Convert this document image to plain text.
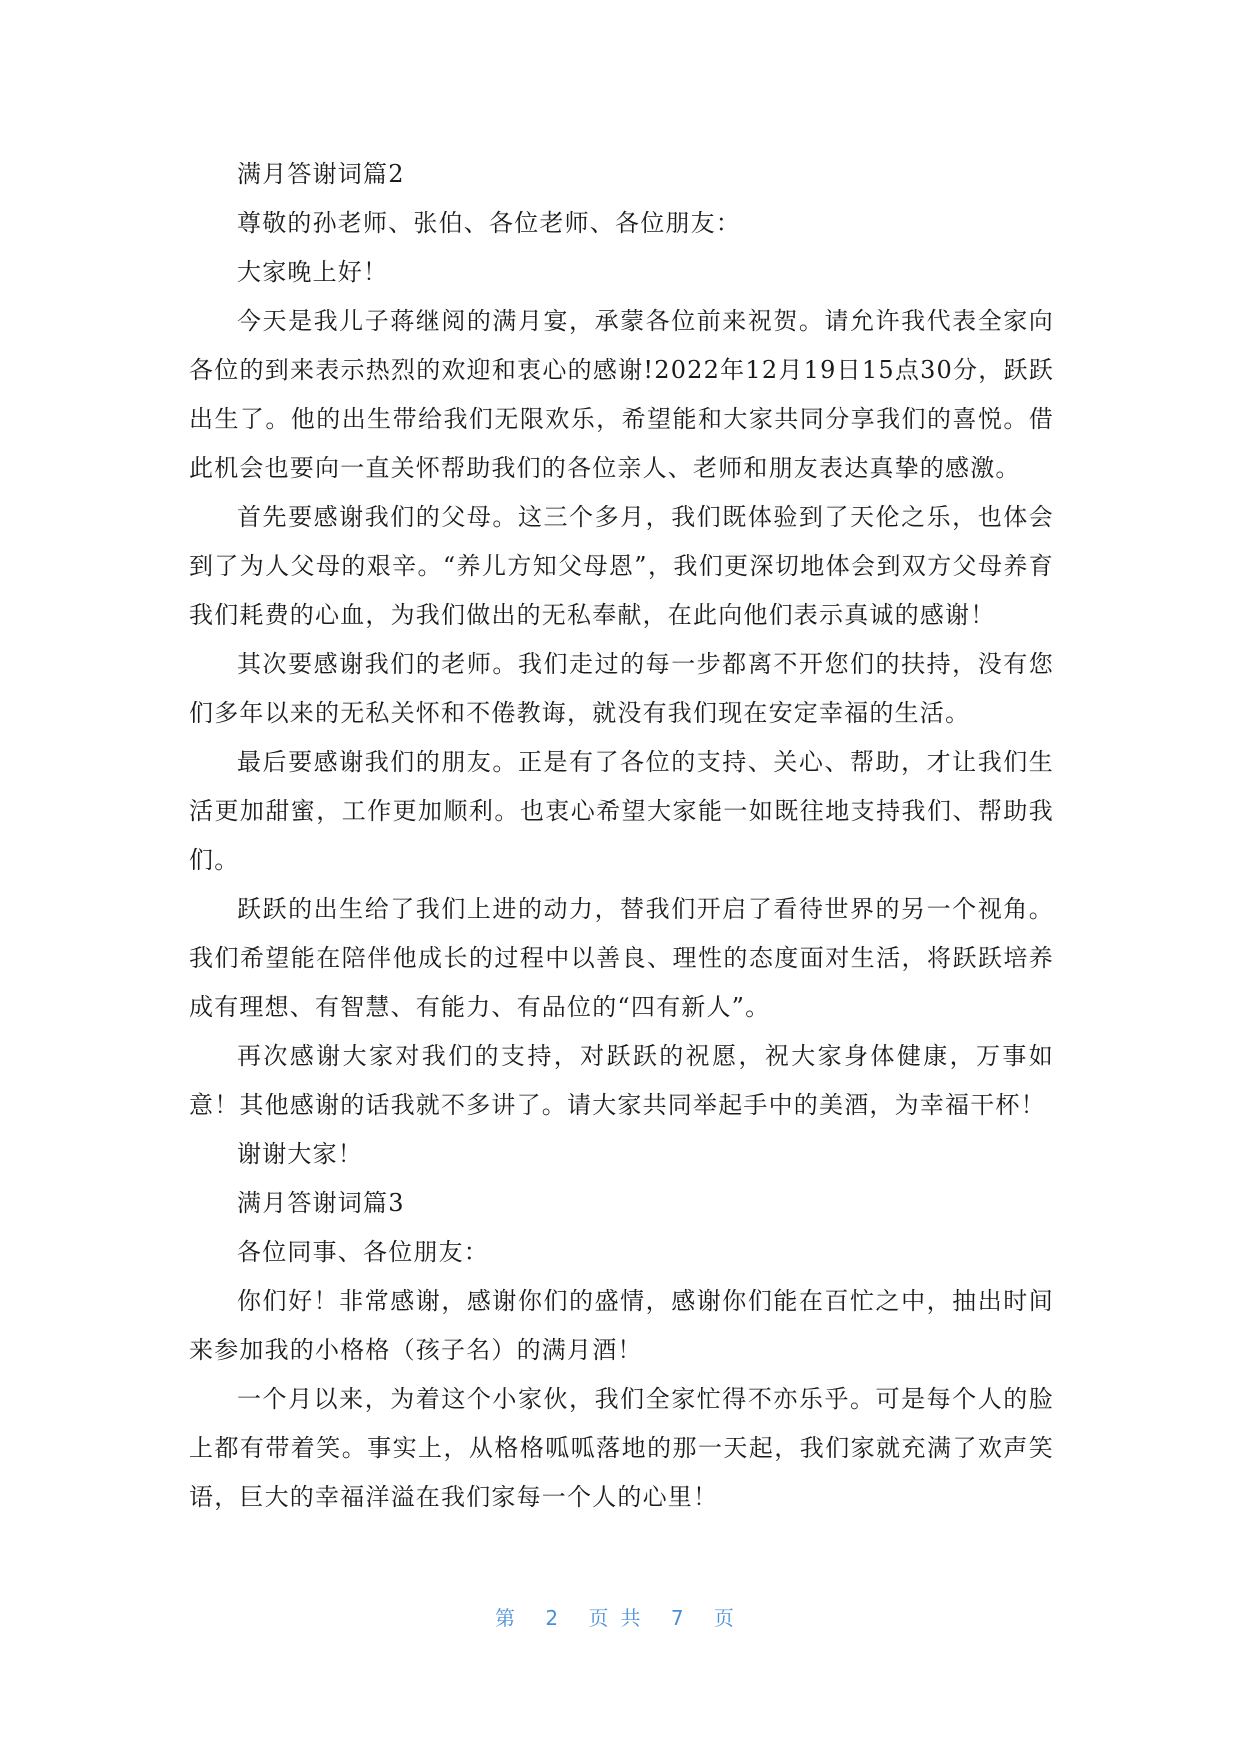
满月答谢词篇2

尊敬的孙老师、张伯、各位老师、各位朋友：

大家晚上好！

今天是我儿子蒋继阅的满月宴，承蒙各位前来祝贺。请允许我代表全家向各位的到来表示热烈的欢迎和衷心的感谢!2022年12月19日15点30分，跃跃出生了。他的出生带给我们无限欢乐，希望能和大家共同分享我们的喜悦。借此机会也要向一直关怀帮助我们的各位亲人、老师和朋友表达真挚的感激。

首先要感谢我们的父母。这三个多月，我们既体验到了天伦之乐，也体会到了为人父母的艰辛。“养儿方知父母恩”，我们更深切地体会到双方父母养育我们耗费的心血，为我们做出的无私奉献，在此向他们表示真诚的感谢！

其次要感谢我们的老师。我们走过的每一步都离不开您们的扶持，没有您们多年以来的无私关怀和不倦教诲，就没有我们现在安定幸福的生活。

最后要感谢我们的朋友。正是有了各位的支持、关心、帮助，才让我们生活更加甜蜜，工作更加顺利。也衷心希望大家能一如既往地支持我们、帮助我们。

跃跃的出生给了我们上进的动力，替我们开启了看待世界的另一个视角。我们希望能在陪伴他成长的过程中以善良、理性的态度面对生活，将跃跃培养成有理想、有智慧、有能力、有品位的“四有新人”。

再次感谢大家对我们的支持，对跃跃的祝愿，祝大家身体健康，万事如意！其他感谢的话我就不多讲了。请大家共同举起手中的美酒，为幸福干杯！

谢谢大家！

满月答谢词篇3

各位同事、各位朋友：

你们好！非常感谢，感谢你们的盛情，感谢你们能在百忙之中，抽出时间来参加我的小格格（孩子名）的满月酒！

一个月以来，为着这个小家伙，我们全家忙得不亦乐乎。可是每个人的脸上都有带着笑。事实上，从格格呱呱落地的那一天起，我们家就充满了欢声笑语，巨大的幸福洋溢在我们家每一个人的心里！

第 2 页共 7 页
